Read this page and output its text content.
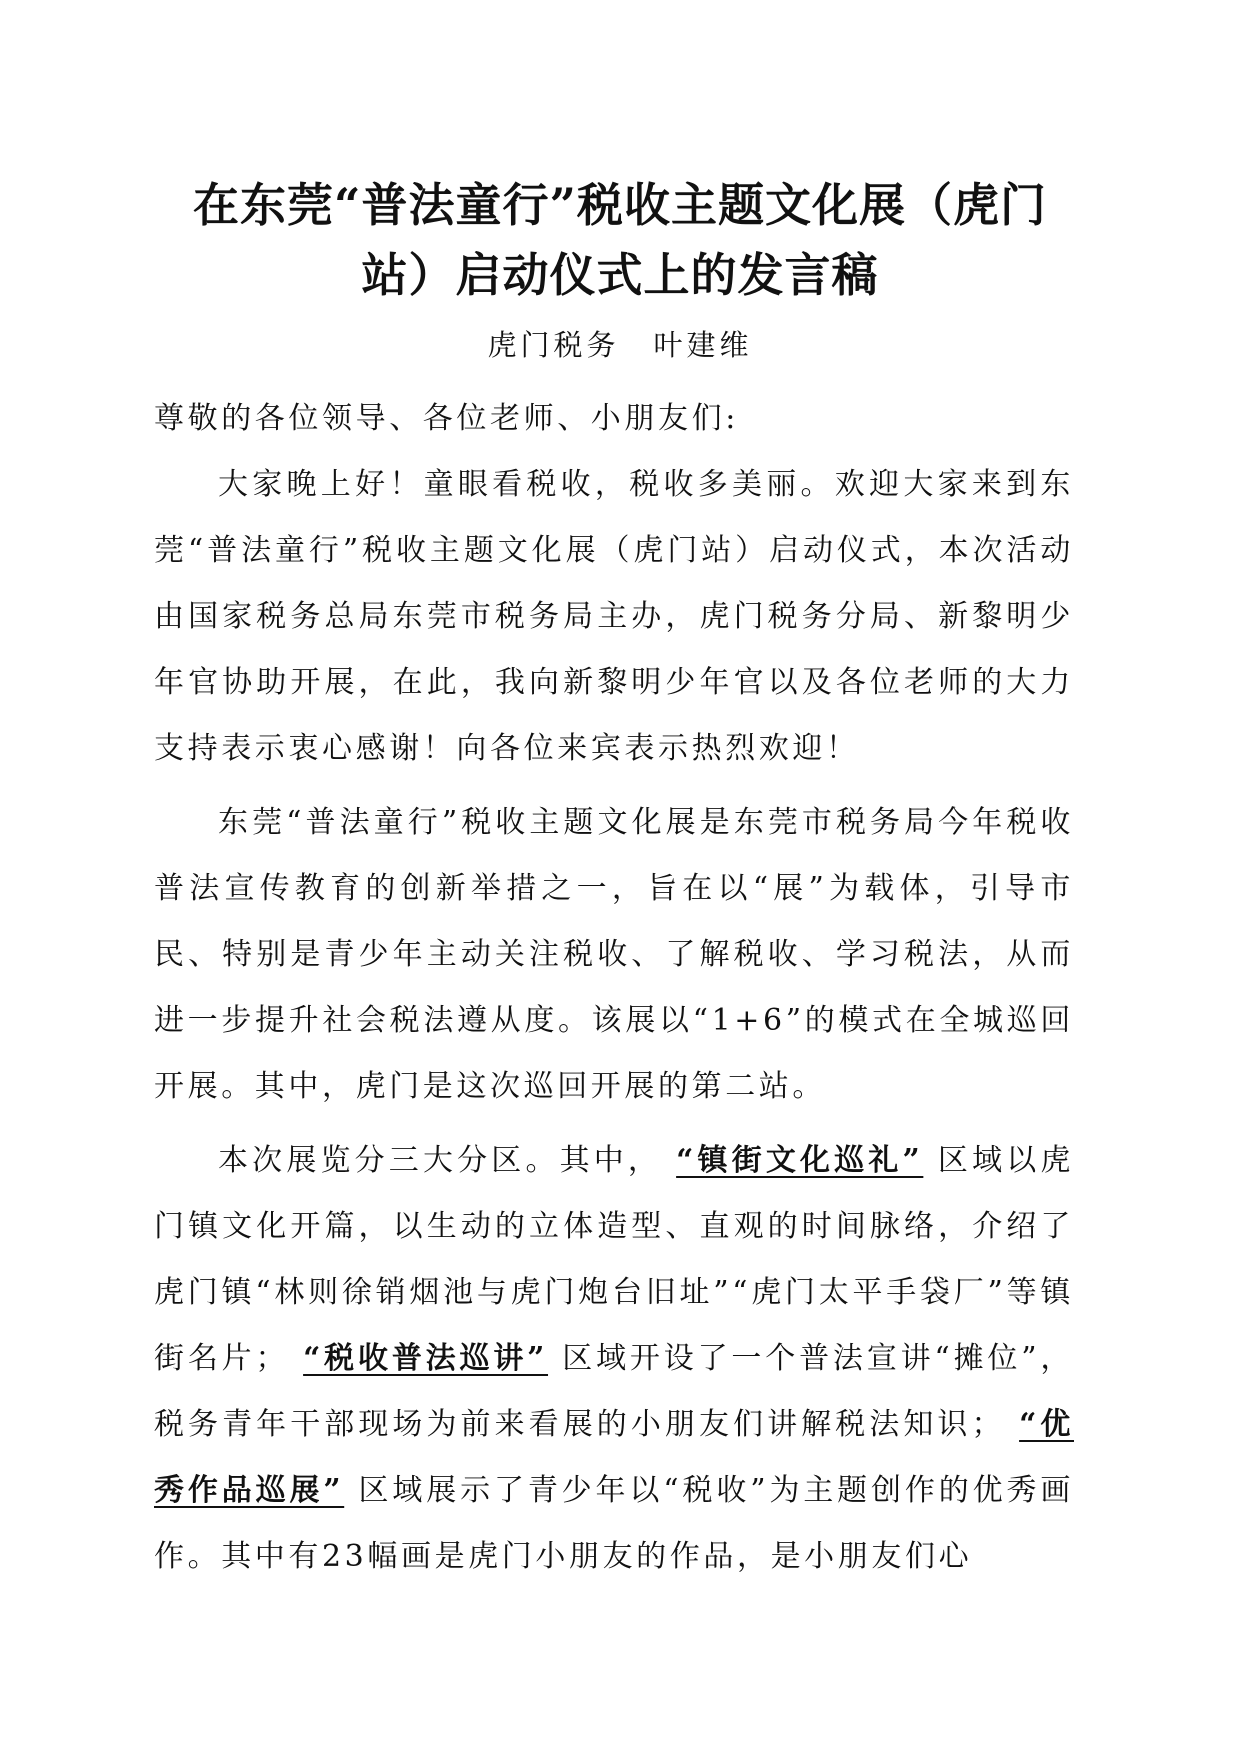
在东莞“普法童行”税收主题文化展（虎门
站）启动仪式上的发言稿
虎门税务 叶建维

尊敬的各位领导、各位老师、小朋友们:

大家晚上好！童眼看税收，税收多美丽。欢迎大家来到东莞“普法童行”税收主题文化展（虎门站）启动仪式，本次活动由国家税务总局东莞市税务局主办，虎门税务分局、新黎明少年官协助开展，在此，我向新黎明少年官以及各位老师的大力支持表示衷心感谢！向各位来宾表示热烈欢迎！

东莞“普法童行”税收主题文化展是东莞市税务局今年税收普法宣传教育的创新举措之一，旨在以“展”为载体，引导市民、特别是青少年主动关注税收、了解税收、学习税法，从而进一步提升社会税法遵从度。该展以“1+6”的模式在全城巡回开展。其中，虎门是这次巡回开展的第二站。

本次展览分三大分区。其中， “镇街文化巡礼” 区域以虎门镇文化开篇，以生动的立体造型、直观的时间脉络，介绍了虎门镇“林则徐销烟池与虎门炮台旧址”“虎门太平手袋厂”等镇街名片； “税收普法巡讲” 区域开设了一个普法宣讲“摊位”，税务青年干部现场为前来看展的小朋友们讲解税法知识； “优秀作品巡展” 区域展示了青少年以“税收”为主题创作的优秀画作。其中有23幅画是虎门小朋友的作品，是小朋友们心
